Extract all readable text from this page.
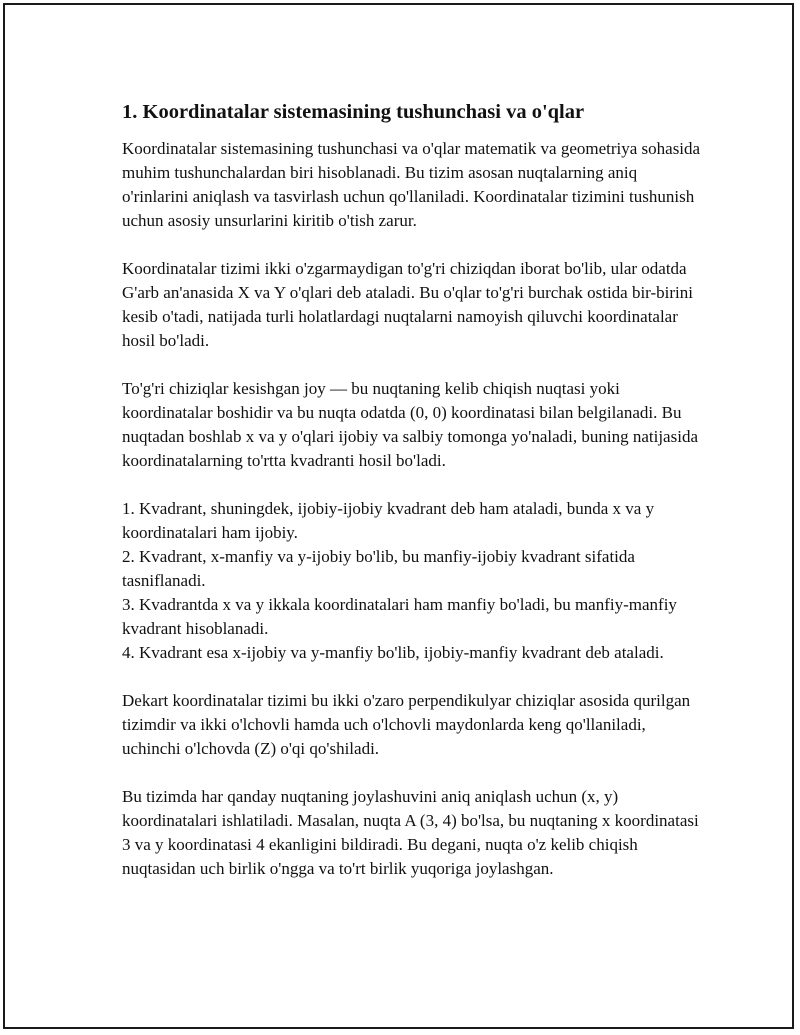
1. Koordinatalar sistemasining tushunchasi va o'qlar

Koordinatalar sistemasining tushunchasi va o'qlar matematik va geometriya sohasida muhim tushunchalardan biri hisoblanadi. Bu tizim asosan nuqtalarning aniq o'rinlarini aniqlash va tasvirlash uchun qo'llaniladi. Koordinatalar tizimini tushunish uchun asosiy unsurlarini kiritib o'tish zarur.

Koordinatalar tizimi ikki o'zgarmaydigan to'g'ri chiziqdan iborat bo'lib, ular odatda G'arb an'anasida X va Y o'qlari deb ataladi. Bu o'qlar to'g'ri burchak ostida bir-birini kesib o'tadi, natijada turli holatlardagi nuqtalarni namoyish qiluvchi koordinatalar hosil bo'ladi.

To'g'ri chiziqlar kesishgan joy — bu nuqtaning kelib chiqish nuqtasi yoki koordinatalar boshidir va bu nuqta odatda (0, 0) koordinatasi bilan belgilanadi. Bu nuqtadan boshlab x va y o'qlari ijobiy va salbiy tomonga yo'naladi, buning natijasida koordinatalarning to'rtta kvadranti hosil bo'ladi.

1. Kvadrant, shuningdek, ijobiy-ijobiy kvadrant deb ham ataladi, bunda x va y koordinatalari ham ijobiy.
2. Kvadrant, x-manfiy va y-ijobiy bo'lib, bu manfiy-ijobiy kvadrant sifatida tasniflanadi.
3. Kvadrantda x va y ikkala koordinatalari ham manfiy bo'ladi, bu manfiy-manfiy kvadrant hisoblanadi.
4. Kvadrant esa x-ijobiy va y-manfiy bo'lib, ijobiy-manfiy kvadrant deb ataladi.

Dekart koordinatalar tizimi bu ikki o'zaro perpendikulyar chiziqlar asosida qurilgan tizimdir va ikki o'lchovli hamda uch o'lchovli maydonlarda keng qo'llaniladi, uchinchi o'lchovda (Z) o'qi qo'shiladi.

Bu tizimda har qanday nuqtaning joylashuvini aniq aniqlash uchun (x, y) koordinatalari ishlatiladi. Masalan, nuqta A (3, 4) bo'lsa, bu nuqtaning x koordinatasi 3 va y koordinatasi 4 ekanligini bildiradi. Bu degani, nuqta o'z kelib chiqish nuqtasidan uch birlik o'ngga va to'rt birlik yuqoriga joylashgan.
